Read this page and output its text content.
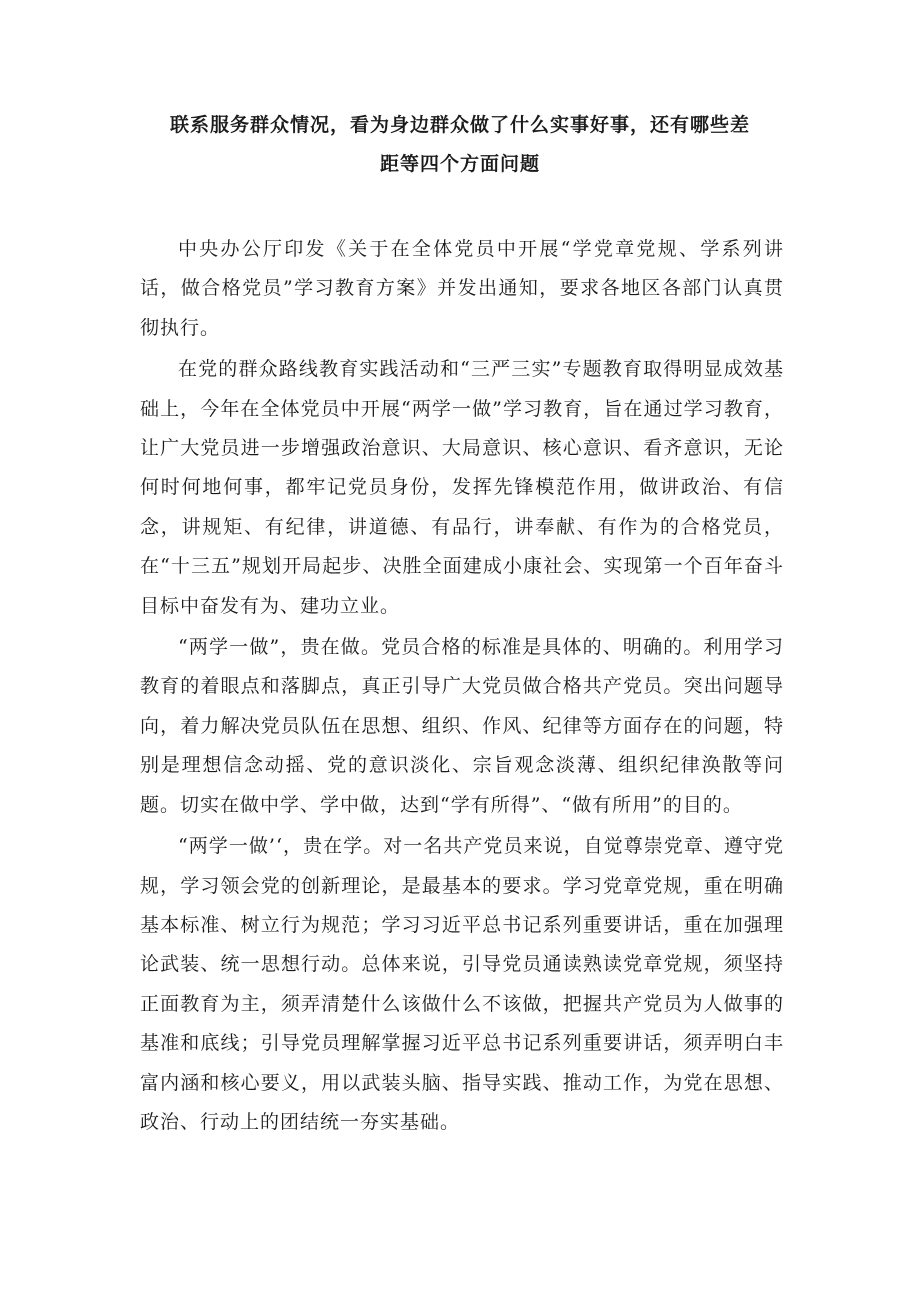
联系服务群众情况，看为身边群众做了什么实事好事，还有哪些差
距等四个方面问题

中央办公厅印发《关于在全体党员中开展“学党章党规、学系列讲话，做合格党员”学习教育方案》并发出通知，要求各地区各部门认真贯彻执行。

在党的群众路线教育实践活动和“三严三实”专题教育取得明显成效基础上，今年在全体党员中开展“两学一做”学习教育，旨在通过学习教育，让广大党员进一步增强政治意识、大局意识、核心意识、看齐意识，无论何时何地何事，都牢记党员身份，发挥先锋模范作用，做讲政治、有信念，讲规矩、有纪律，讲道德、有品行，讲奉献、有作为的合格党员，在“十三五”规划开局起步、决胜全面建成小康社会、实现第一个百年奋斗目标中奋发有为、建功立业。

“两学一做”，贵在做。党员合格的标准是具体的、明确的。利用学习教育的着眼点和落脚点，真正引导广大党员做合格共产党员。突出问题导向，着力解决党员队伍在思想、组织、作风、纪律等方面存在的问题，特别是理想信念动摇、党的意识淡化、宗旨观念淡薄、组织纪律涣散等问题。切实在做中学、学中做，达到“学有所得”、“做有所用”的目的。

“两学一做’‘，贵在学。对一名共产党员来说，自觉尊崇党章、遵守党规，学习领会党的创新理论，是最基本的要求。学习党章党规，重在明确基本标准、树立行为规范；学习习近平总书记系列重要讲话，重在加强理论武装、统一思想行动。总体来说，引导党员通读熟读党章党规，须坚持正面教育为主，须弄清楚什么该做什么不该做，把握共产党员为人做事的基准和底线；引导党员理解掌握习近平总书记系列重要讲话，须弄明白丰富内涵和核心要义，用以武装头脑、指导实践、推动工作，为党在思想、政治、行动上的团结统一夯实基础。
